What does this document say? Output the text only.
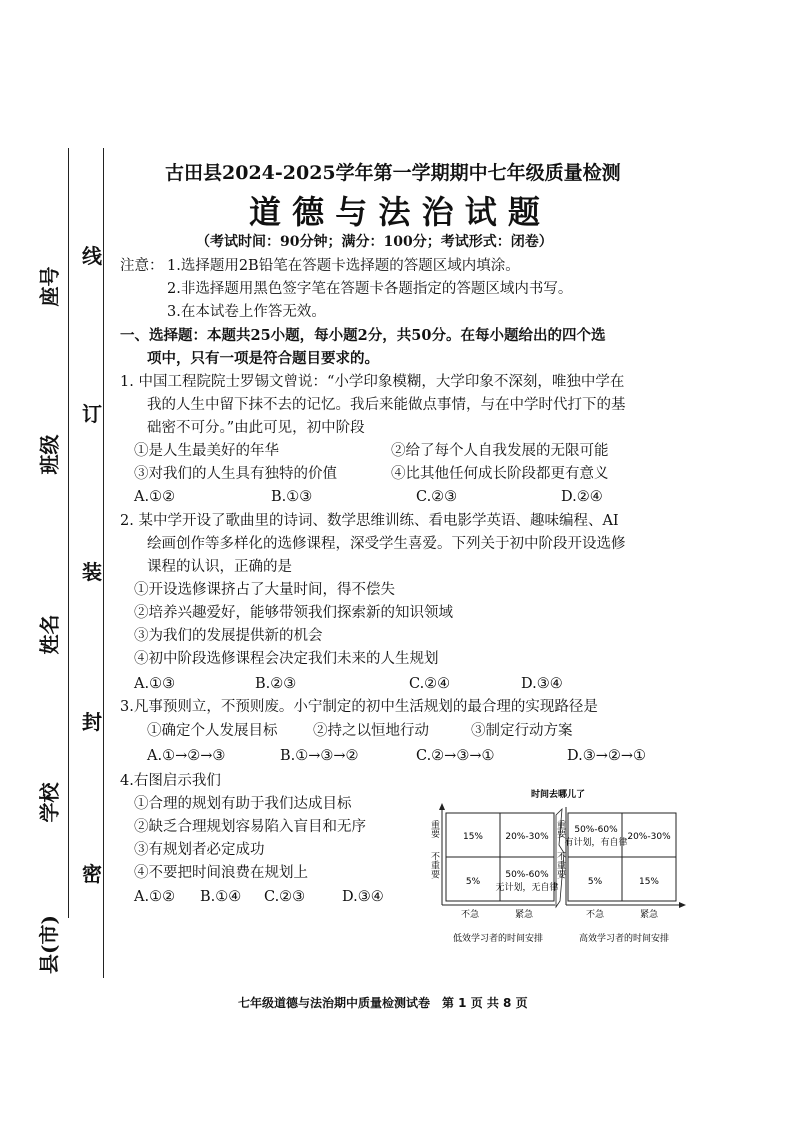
线
订
装
封
密
座号
班级
姓名
学校
县(市)
古田县2024-2025学年第一学期期中七年级质量检测
道 德 与 法 治 试 题
（考试时间：90分钟；满分：100分；考试形式：闭卷）
注意： 1.选择题用2B铅笔在答题卡选择题的答题区域内填涂。
2.非选择题用黑色签字笔在答题卡各题指定的答题区域内书写。
3.在本试卷上作答无效。
一、选择题：本题共25小题，每小题2分，共50分。在每小题给出的四个选
项中，只有一项是符合题目要求的。
1. 中国工程院院士罗锡文曾说：“小学印象模糊，大学印象不深刻，唯独中学在
我的人生中留下抹不去的记忆。我后来能做点事情，与在中学时代打下的基
础密不可分。”由此可见，初中阶段
①是人生最美好的年华	②给了每个人自我发展的无限可能
③对我们的人生具有独特的价值	④比其他任何成长阶段都更有意义
A.①②	B.①③	C.②③	D.②④
2. 某中学开设了歌曲里的诗词、数学思维训练、看电影学英语、趣味编程、AI
绘画创作等多样化的选修课程，深受学生喜爱。下列关于初中阶段开设选修
课程的认识，正确的是
①开设选修课挤占了大量时间，得不偿失
②培养兴趣爱好，能够带领我们探索新的知识领域
③为我们的发展提供新的机会
④初中阶段选修课程会决定我们未来的人生规划
A.①③	B.②③	C.②④	D.③④
3.凡事预则立，不预则废。小宁制定的初中生活规划的最合理的实现路径是
①确定个人发展目标 ②持之以恒地行动	③制定行动方案
A.①→②→③	B.①→③→②	C.②→③→①	D.③→②→①
4.右图启示我们
①合理的规划有助于我们达成目标
②缺乏合理规划容易陷入盲目和无序
③有规划者必定成功
④不要把时间浪费在规划上
A.①② B.①④ C.②③	D.③④
时间去哪儿了
15% 20%-30%
5%
50%-60%
无计划，无自律
重要
不重要
不急	紧急
低效学习者的时间安排
50%-60%
有计划，有自律
20%-30%
5%	15%
重要
不重要
不急	紧急
高效学习者的时间安排
七年级道德与法治期中质量检测试卷　第 1 页 共 8 页
